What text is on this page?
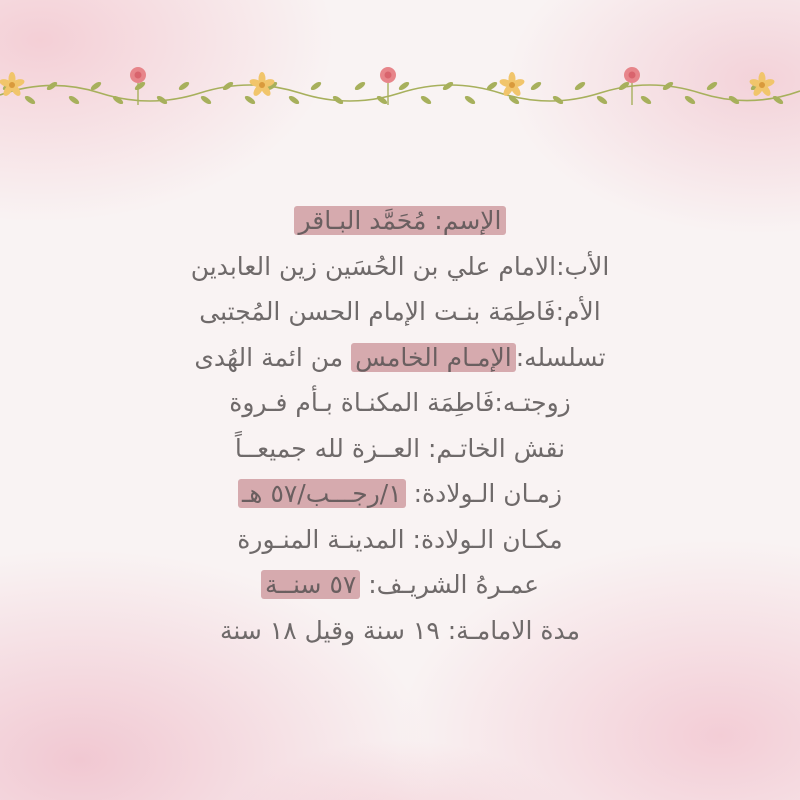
الإسم: مُحَمَّد البـاقر
الأب:الامام علي بن الحُسَين زين العابدين
الأم:فَاطِمَة بنـت الإمام الحسن المُجتبى
تسلسله:الإمـام الخامس من ائمة الهُدى
زوجتـه:فَاطِمَة المكنـاة بـأم فـروة
نقش الخاتـم: العــزة لله جميعــاً
زمـان الـولادة: ١/رجـــب/٥٧ هـ
مكـان الـولادة: المدينـة المنـورة
عمـرهُ الشريـف: ٥٧ سنــة
مدة الامامـة: ١٩ سنة وقيل ١٨ سنة
